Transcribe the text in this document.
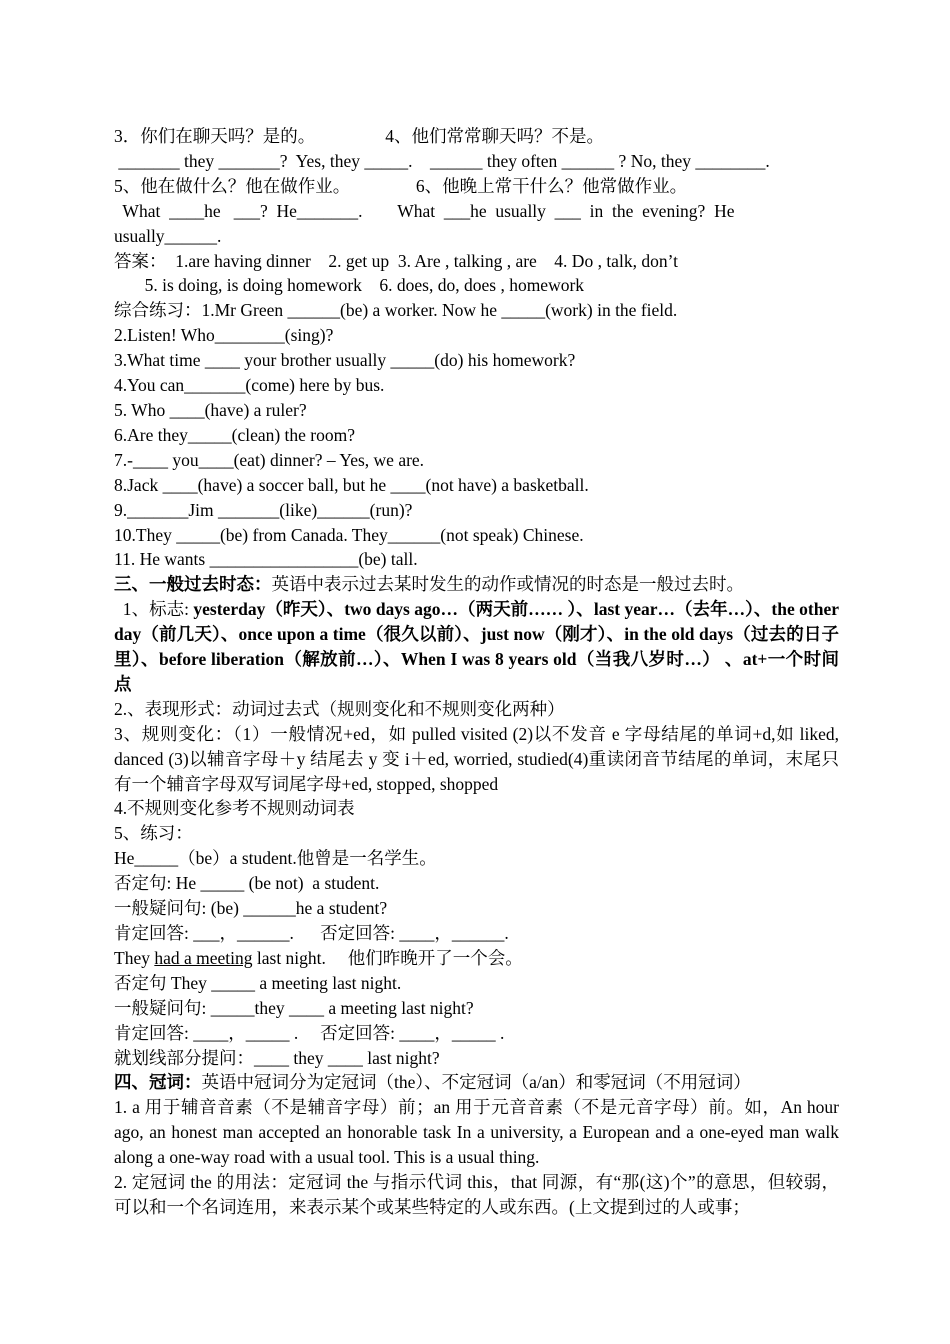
3．你们在聊天吗？是的。                4、他们常常聊天吗？不是。
_______ they _______?  Yes, they _____.    ______ they often ______ ? No, they ________.
5、他在做什么？他在做作业。               6、他晚上常干什么？他常做作业。
What  ____he   ___?  He_______.        What  ___he  usually  ___  in  the  evening?  He
usually______.
答案：  1.are having dinner    2. get up  3. Are , talking , are    4. Do , talk, don’t
5. is doing, is doing homework    6. does, do, does , homework
综合练习：1.Mr Green ______(be) a worker. Now he _____(work) in the field.
2.Listen! Who________(sing)?
3.What time ____ your brother usually _____(do) his homework?
4.You can_______(come) here by bus.
5. Who ____(have) a ruler?
6.Are they_____(clean) the room?
7.-____ you____(eat) dinner? – Yes, we are.
8.Jack ____(have) a soccer ball, but he ____(not have) a basketball.
9._______Jim _______(like)______(run)?
10.They _____(be) from Canada. They______(not speak) Chinese.
11. He wants _________________(be) tall.
三、一般过去时态：英语中表示过去某时发生的动作或情况的时态是一般过去时。
1、标志: yesterday（昨天）、two days ago…（两天前…… ）、last year…（去年…）、the other day（前几天）、once upon a time（很久以前）、just now（刚才）、in the old days（过去的日子里）、before liberation（解放前…）、When I was 8 years old（当我八岁时…） 、at+一个时间点
2.、表现形式：动词过去式（规则变化和不规则变化两种）
3、规则变化：（1）一般情况+ed，如 pulled visited (2)以不发音 e 字母结尾的单词+d,如 liked, danced (3)以辅音字母＋y 结尾去 y 变 i＋ed, worried, studied(4)重读闭音节结尾的单词，末尾只有一个辅音字母双写词尾字母+ed, stopped, shopped
4.不规则变化参考不规则动词表
5、练习：
He_____（be）a student.他曾是一名学生。
否定句: He _____ (be not)  a student.
一般疑问句: (be) ______he a student?
肯定回答: ___，______.      否定回答: ____，______.
They had a meeting last night.     他们昨晚开了一个会。
否定句 They _____ a meeting last night.
一般疑问句: _____they ____ a meeting last night?
肯定回答: ____，_____ .     否定回答: ____，_____ .
就划线部分提问：____ they ____ last night?
四、冠词：英语中冠词分为定冠词（the）、不定冠词（a/an）和零冠词（不用冠词）
1. a 用于辅音音素（不是辅音字母）前；an 用于元音音素（不是元音字母）前。如，An hour ago, an honest man accepted an honorable task In a university, a European and a one-eyed man walk along a one-way road with a usual tool. This is a usual thing.
2. 定冠词 the 的用法：定冠词 the 与指示代词 this，that 同源，有“那(这)个”的意思，但较弱，可以和一个名词连用，来表示某个或某些特定的人或东西。(上文提到过的人或事；
